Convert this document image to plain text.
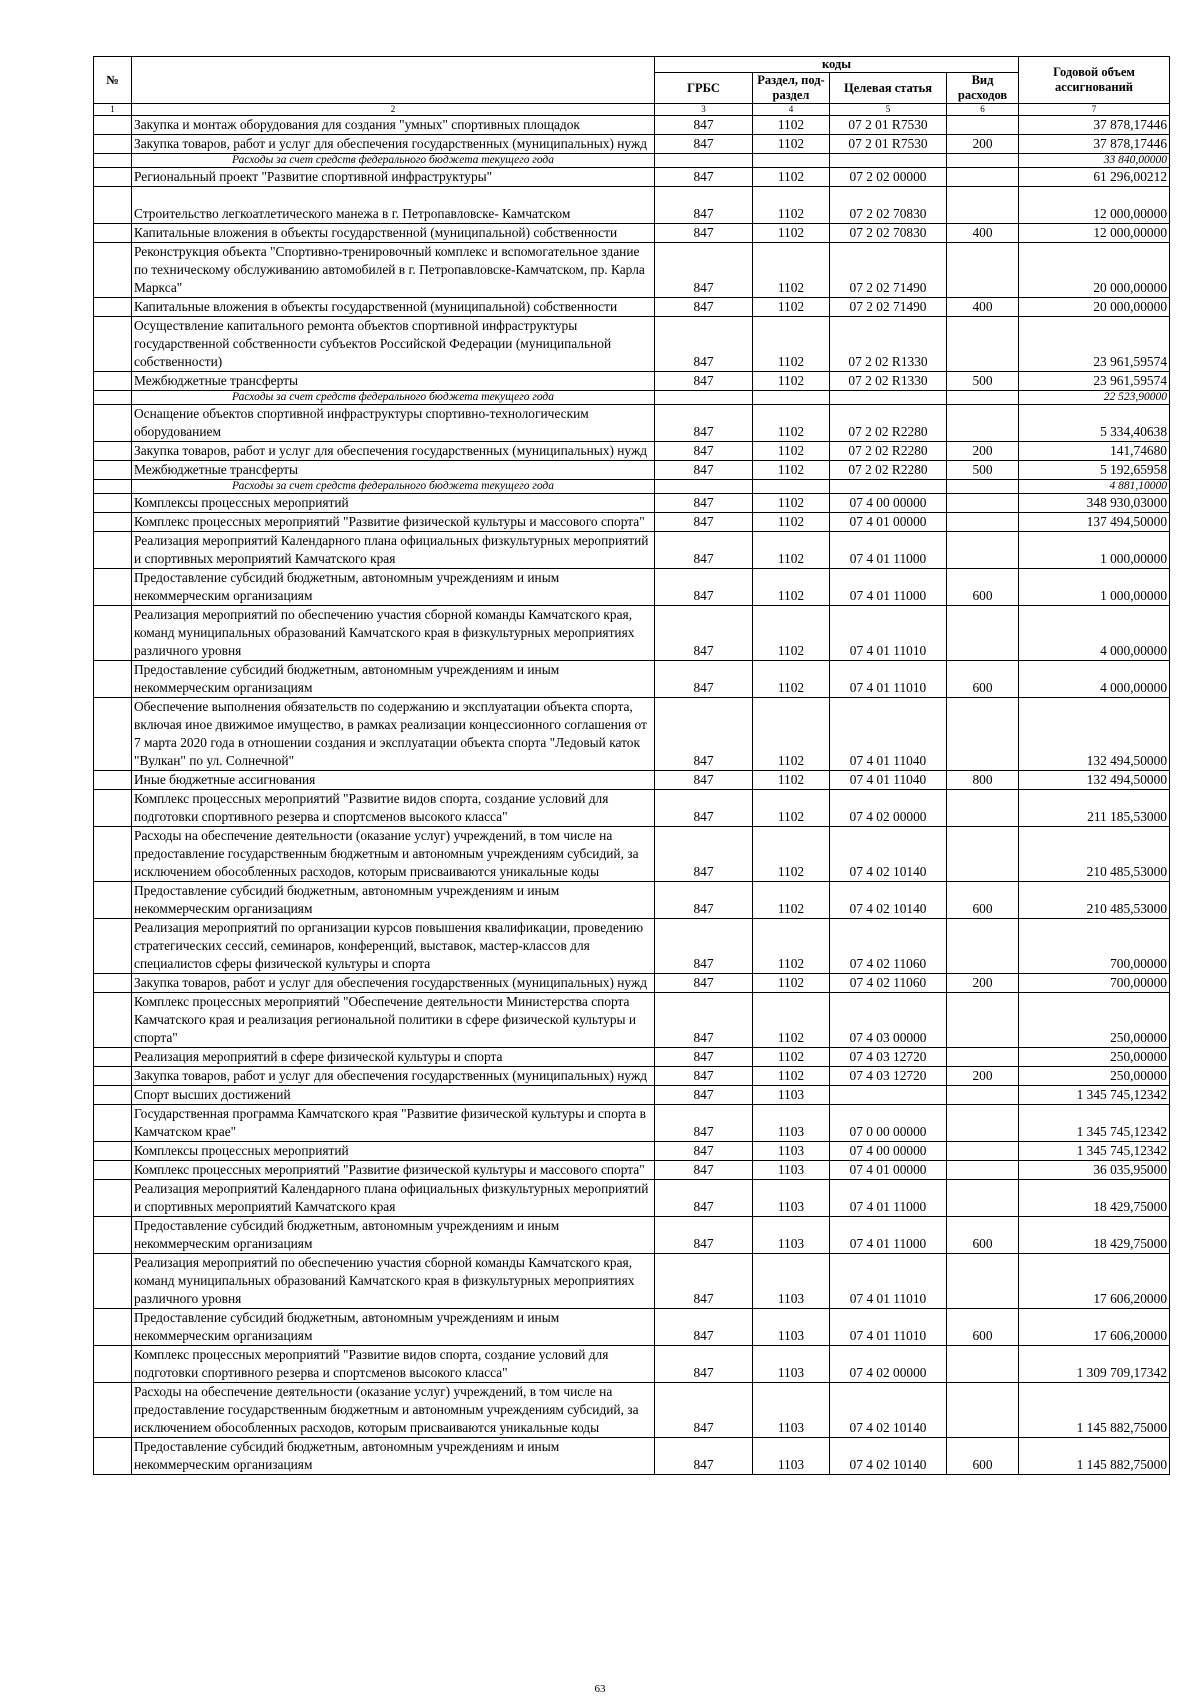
№		коды				Годовой объем ассигнований
		ГРБС	Раздел, под-раздел	Целевая статья	Вид расходов	
1	2	3	4	5	6	7
	Закупка и монтаж оборудования для создания "умных" спортивных площадок	847	1102	07 2 01 R7530		37 878,17446
	Закупка товаров, работ и услуг для обеспечения государственных (муниципальных) нужд	847	1102	07 2 01 R7530	200	37 878,17446
	Расходы за счет средств федерального бюджета текущего года					33 840,00000
	Региональный проект "Развитие спортивной инфраструктуры"	847	1102	07 2 02 00000		61 296,00212
	Строительство легкоатлетического манежа в г. Петропавловске- Камчатском	847	1102	07 2 02 70830		12 000,00000
	Капитальные вложения в объекты государственной (муниципальной) собственности	847	1102	07 2 02 70830	400	12 000,00000
	Реконструкция объекта "Спортивно-тренировочный комплекс и вспомогательное здание по техническому обслуживанию автомобилей в г. Петропавловске-Камчатском, пр. Карла Маркса"	847	1102	07 2 02 71490		20 000,00000
	Капитальные вложения в объекты государственной (муниципальной) собственности	847	1102	07 2 02 71490	400	20 000,00000
	Осуществление капитального ремонта объектов спортивной инфраструктуры государственной собственности субъектов Российской Федерации (муниципальной собственности)	847	1102	07 2 02 R1330		23 961,59574
	Межбюджетные трансферты	847	1102	07 2 02 R1330	500	23 961,59574
	Расходы за счет средств федерального бюджета текущего года					22 523,90000
	Оснащение объектов спортивной инфраструктуры спортивно-технологическим оборудованием	847	1102	07 2 02 R2280		5 334,40638
	Закупка товаров, работ и услуг для обеспечения государственных (муниципальных) нужд	847	1102	07 2 02 R2280	200	141,74680
	Межбюджетные трансферты	847	1102	07 2 02 R2280	500	5 192,65958
	Расходы за счет средств федерального бюджета текущего года					4 881,10000
	Комплексы процессных мероприятий	847	1102	07 4 00 00000		348 930,03000
	Комплекс процессных мероприятий "Развитие физической культуры и массового спорта"	847	1102	07 4 01 00000		137 494,50000
	Реализация мероприятий Календарного плана официальных физкультурных мероприятий и спортивных мероприятий Камчатского края	847	1102	07 4 01 11000		1 000,00000
	Предоставление субсидий бюджетным, автономным учреждениям и иным некоммерческим организациям	847	1102	07 4 01 11000	600	1 000,00000
	Реализация мероприятий по обеспечению участия сборной команды Камчатского края, команд муниципальных образований Камчатского края в физкультурных мероприятиях различного уровня	847	1102	07 4 01 11010		4 000,00000
	Предоставление субсидий бюджетным, автономным учреждениям и иным некоммерческим организациям	847	1102	07 4 01 11010	600	4 000,00000
	Обеспечение выполнения обязательств по содержанию и эксплуатации объекта спорта, включая иное движимое имущество, в рамках реализации концессионного соглашения от 7 марта 2020 года в отношении создания и эксплуатации объекта спорта "Ледовый каток "Вулкан" по ул. Солнечной"	847	1102	07 4 01 11040		132 494,50000
	Иные бюджетные ассигнования	847	1102	07 4 01 11040	800	132 494,50000
	Комплекс процессных мероприятий "Развитие видов спорта, создание условий для подготовки спортивного резерва и спортсменов высокого класса"	847	1102	07 4 02 00000		211 185,53000
	Расходы на обеспечение деятельности (оказание услуг) учреждений, в том числе на предоставление государственным бюджетным и автономным учреждениям субсидий, за исключением обособленных расходов, которым присваиваются уникальные коды	847	1102	07 4 02 10140		210 485,53000
	Предоставление субсидий бюджетным, автономным учреждениям и иным некоммерческим организациям	847	1102	07 4 02 10140	600	210 485,53000
	Реализация мероприятий по организации курсов повышения квалификации, проведению стратегических сессий, семинаров, конференций, выставок, мастер-классов для специалистов сферы физической культуры и спорта	847	1102	07 4 02 11060		700,00000
	Закупка товаров, работ и услуг для обеспечения государственных (муниципальных) нужд	847	1102	07 4 02 11060	200	700,00000
	Комплекс процессных мероприятий "Обеспечение деятельности Министерства спорта Камчатского края и реализация региональной политики в сфере физической культуры и спорта"	847	1102	07 4 03 00000		250,00000
	Реализация мероприятий в сфере физической культуры и спорта	847	1102	07 4 03 12720		250,00000
	Закупка товаров, работ и услуг для обеспечения государственных (муниципальных) нужд	847	1102	07 4 03 12720	200	250,00000
	Спорт высших достижений	847	1103			1 345 745,12342
	Государственная программа Камчатского края "Развитие физической культуры и спорта в Камчатском крае"	847	1103	07 0 00 00000		1 345 745,12342
	Комплексы процессных мероприятий	847	1103	07 4 00 00000		1 345 745,12342
	Комплекс процессных мероприятий "Развитие физической культуры и массового спорта"	847	1103	07 4 01 00000		36 035,95000
	Реализация мероприятий Календарного плана официальных физкультурных мероприятий и спортивных мероприятий Камчатского края	847	1103	07 4 01 11000		18 429,75000
	Предоставление субсидий бюджетным, автономным учреждениям и иным некоммерческим организациям	847	1103	07 4 01 11000	600	18 429,75000
	Реализация мероприятий по обеспечению участия сборной команды Камчатского края, команд муниципальных образований Камчатского края в физкультурных мероприятиях различного уровня	847	1103	07 4 01 11010		17 606,20000
	Предоставление субсидий бюджетным, автономным учреждениям и иным некоммерческим организациям	847	1103	07 4 01 11010	600	17 606,20000
	Комплекс процессных мероприятий "Развитие видов спорта, создание условий для подготовки спортивного резерва и спортсменов высокого класса"	847	1103	07 4 02 00000		1 309 709,17342
	Расходы на обеспечение деятельности (оказание услуг) учреждений, в том числе на предоставление государственным бюджетным и автономным учреждениям субсидий, за исключением обособленных расходов, которым присваиваются уникальные коды	847	1103	07 4 02 10140		1 145 882,75000
	Предоставление субсидий бюджетным, автономным учреждениям и иным некоммерческим организациям	847	1103	07 4 02 10140	600	1 145 882,75000
63
